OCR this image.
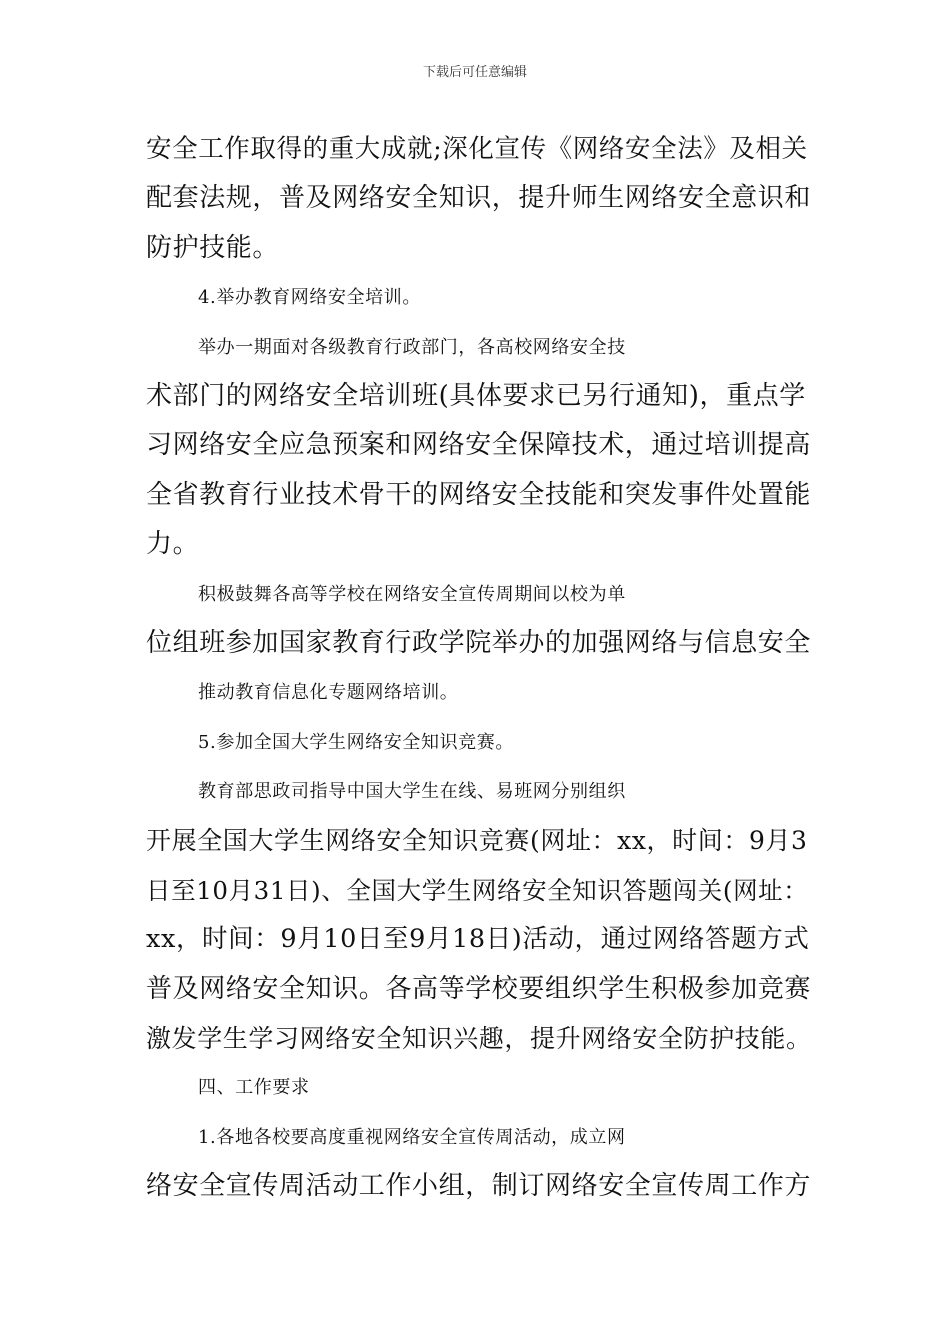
下载后可任意编辑
安全工作取得的重大成就;深化宣传《网络安全法》及相关
配套法规，普及网络安全知识，提升师生网络安全意识和
防护技能。
4.举办教育网络安全培训。
举办一期面对各级教育行政部门，各高校网络安全技
术部门的网络安全培训班(具体要求已另行通知)，重点学
习网络安全应急预案和网络安全保障技术，通过培训提高
全省教育行业技术骨干的网络安全技能和突发事件处置能
力。
积极鼓舞各高等学校在网络安全宣传周期间以校为单
位组班参加国家教育行政学院举办的加强网络与信息安全
推动教育信息化专题网络培训。
5.参加全国大学生网络安全知识竞赛。
教育部思政司指导中国大学生在线、易班网分别组织
开展全国大学生网络安全知识竞赛(网址：xx，时间：9月3
日至10月31日)、全国大学生网络安全知识答题闯关(网址：
xx，时间：9月10日至9月18日)活动，通过网络答题方式
普及网络安全知识。各高等学校要组织学生积极参加竞赛
激发学生学习网络安全知识兴趣，提升网络安全防护技能。
四、工作要求
1.各地各校要高度重视网络安全宣传周活动，成立网
络安全宣传周活动工作小组，制订网络安全宣传周工作方
